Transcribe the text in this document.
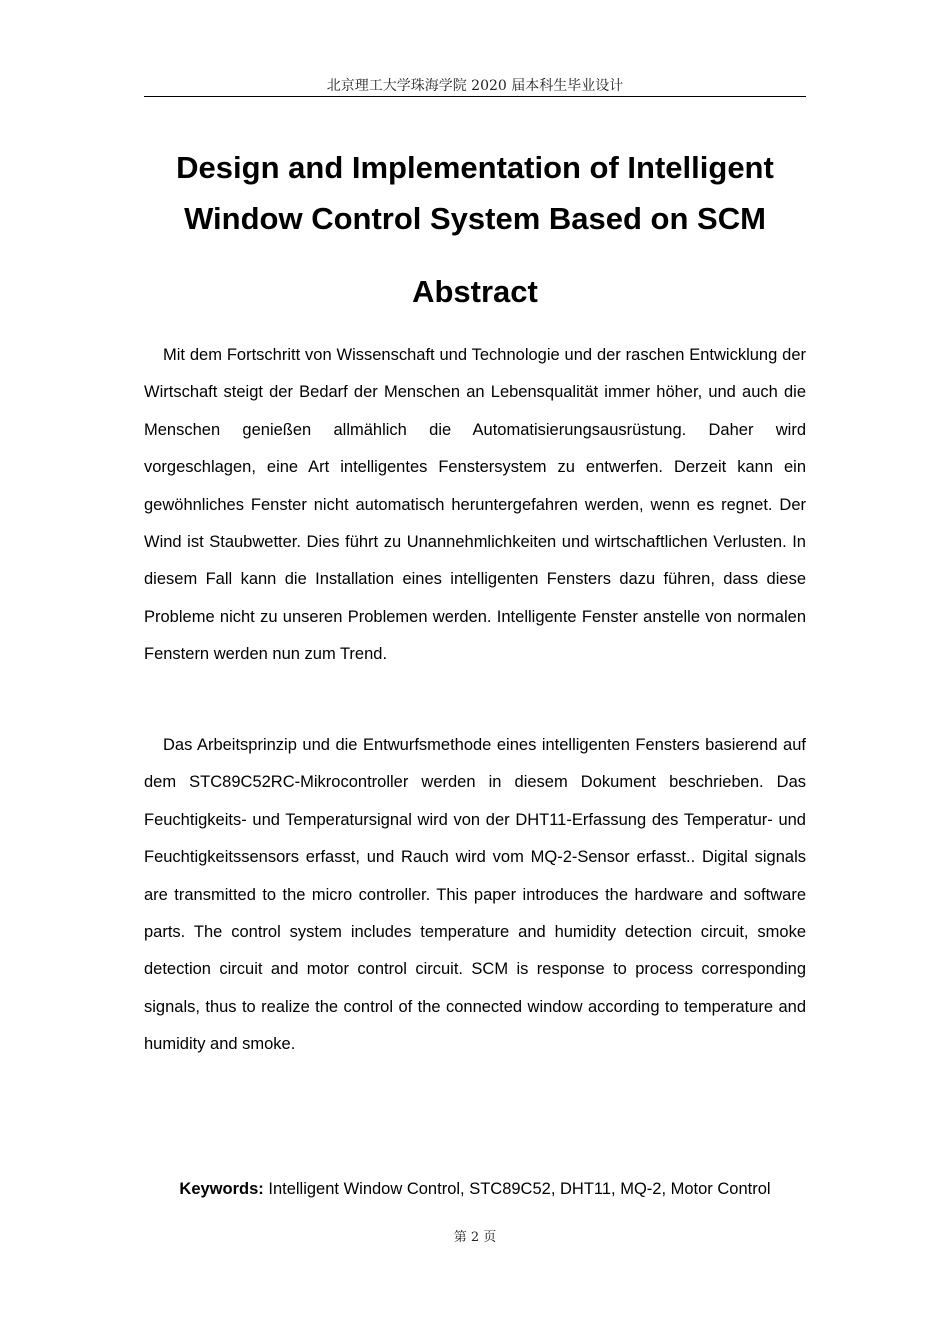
北京理工大学珠海学院 2020 届本科生毕业设计
Design and Implementation of Intelligent
Window Control System Based on SCM
Abstract

Mit dem Fortschritt von Wissenschaft und Technologie und der raschen Entwicklung der Wirtschaft steigt der Bedarf der Menschen an Lebensqualität immer höher, und auch die Menschen genießen allmählich die Automatisierungsausrüstung. Daher wird vorgeschlagen, eine Art intelligentes Fenstersystem zu entwerfen. Derzeit kann ein gewöhnliches Fenster nicht automatisch heruntergefahren werden, wenn es regnet. Der Wind ist Staubwetter. Dies führt zu Unannehmlichkeiten und wirtschaftlichen Verlusten. In diesem Fall kann die Installation eines intelligenten Fensters dazu führen, dass diese Probleme nicht zu unseren Problemen werden. Intelligente Fenster anstelle von normalen Fenstern werden nun zum Trend.

Das Arbeitsprinzip und die Entwurfsmethode eines intelligenten Fensters basierend auf dem STC89C52RC-Mikrocontroller werden in diesem Dokument beschrieben. Das Feuchtigkeits- und Temperatursignal wird von der DHT11-Erfassung des Temperatur- und Feuchtigkeitssensors erfasst, und Rauch wird vom MQ-2-Sensor erfasst.. Digital signals are transmitted to the micro controller. This paper introduces the hardware and software parts. The control system includes temperature and humidity detection circuit, smoke detection circuit and motor control circuit. SCM is response to process corresponding signals, thus to realize the control of the connected window according to temperature and humidity and smoke.

Keywords: Intelligent Window Control, STC89C52, DHT11, MQ-2, Motor Control
第 2 页
